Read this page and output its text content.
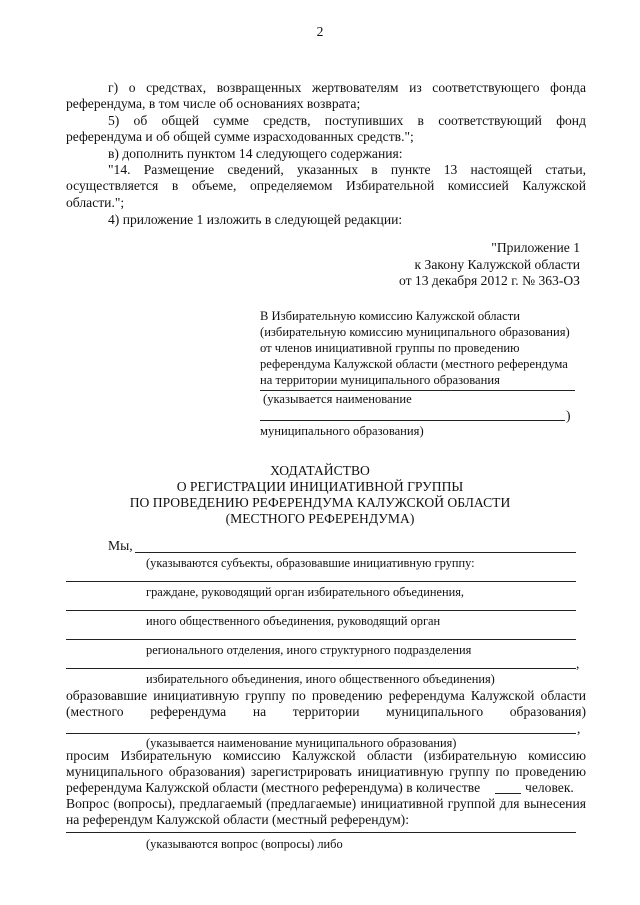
2
г) о средствах, возвращенных жертвователям из соответствующего фонда
референдума, в том числе об основаниях возврата;
5) об общей сумме средств, поступивших в соответствующий фонд
референдума и об общей сумме израсходованных средств.";
в) дополнить пунктом 14 следующего содержания:
"14. Размещение сведений, указанных в пункте 13 настоящей статьи,
осуществляется в объеме, определяемом Избирательной комиссией Калужской
области.";
4) приложение 1 изложить в следующей редакции:
"Приложение 1
к Закону Калужской области
от 13 декабря 2012 г. № 363-ОЗ
В Избирательную комиссию Калужской области
(избирательную комиссию муниципального образования)
от членов инициативной группы по проведению
референдума Калужской области (местного референдума
на территории муниципального образования
(указывается наименование
)
муниципального образования)
ХОДАТАЙСТВО
О РЕГИСТРАЦИИ ИНИЦИАТИВНОЙ ГРУППЫ
ПО ПРОВЕДЕНИЮ РЕФЕРЕНДУМА КАЛУЖСКОЙ ОБЛАСТИ
(МЕСТНОГО РЕФЕРЕНДУМА)
Мы,
(указываются субъекты, образовавшие инициативную группу:
граждане, руководящий орган избирательного объединения,
иного общественного объединения, руководящий орган
регионального отделения, иного структурного подразделения
,
избирательного объединения, иного общественного объединения)
образовавшие инициативную группу по проведению референдума Калужской области
(местного референдума на территории муниципального образования)
,
(указывается наименование муниципального образования)
просим Избирательную комиссию Калужской области (избирательную комиссию
муниципального образования) зарегистрировать инициативную группу по проведению
референдума Калужской области (местного референдума) в количестве	человек.
Вопрос (вопросы), предлагаемый (предлагаемые) инициативной группой для вынесения
на референдум Калужской области (местный референдум):
(указываются вопрос (вопросы) либо
